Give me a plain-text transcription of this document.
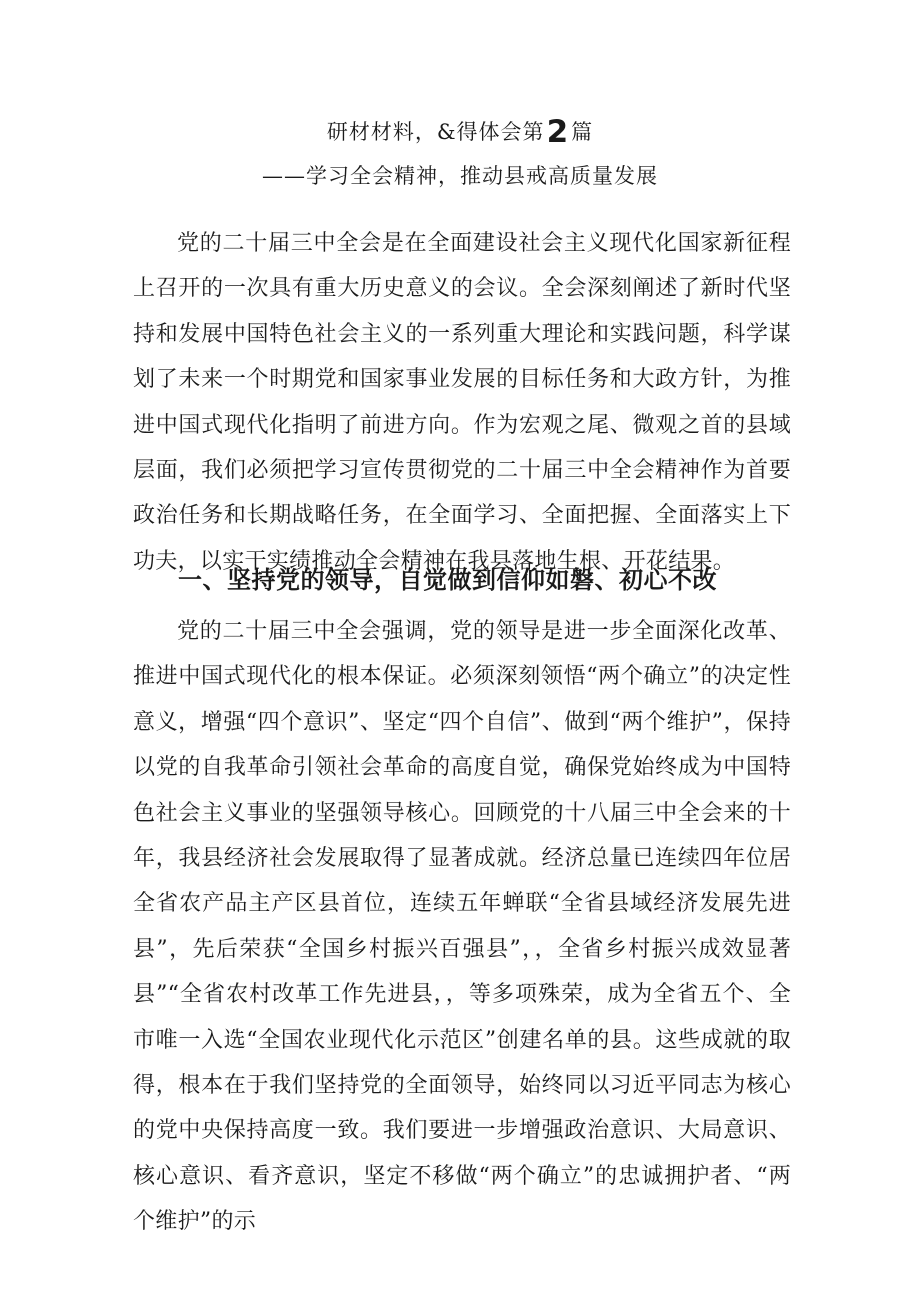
研材材料，&得体会第2篇
——学习全会精神，推动县戒高质量发展

党的二十届三中全会是在全面建设社会主义现代化国家新征程上召开的一次具有重大历史意义的会议。全会深刻阐述了新时代坚持和发展中国特色社会主义的一系列重大理论和实践问题，科学谋划了未来一个时期党和国家事业发展的目标任务和大政方针，为推进中国式现代化指明了前进方向。作为宏观之尾、微观之首的县域层面，我们必须把学习宣传贯彻党的二十届三中全会精神作为首要政治任务和长期战略任务，在全面学习、全面把握、全面落实上下功夫，以实干实绩推动全会精神在我县落地生根、开花结果。

一、坚持党的领导，自觉做到信仰如磐、初心不改

党的二十届三中全会强调，党的领导是进一步全面深化改革、推进中国式现代化的根本保证。必须深刻领悟“两个确立”的决定性意义，增强“四个意识”、坚定“四个自信”、做到“两个维护”，保持以党的自我革命引领社会革命的高度自觉，确保党始终成为中国特色社会主义事业的坚强领导核心。回顾党的十八届三中全会来的十年，我县经济社会发展取得了显著成就。经济总量已连续四年位居全省农产品主产区县首位，连续五年蝉联“全省县域经济发展先进县”，先后荣获“全国乡村振兴百强县”，，全省乡村振兴成效显著县”“全省农村改革工作先进县，，等多项殊荣，成为全省五个、全市唯一入选“全国农业现代化示范区”创建名单的县。这些成就的取得，根本在于我们坚持党的全面领导，始终同以习近平同志为核心的党中央保持高度一致。我们要进一步增强政治意识、大局意识、核心意识、看齐意识，坚定不移做“两个确立”的忠诚拥护者、“两个维护”的示
